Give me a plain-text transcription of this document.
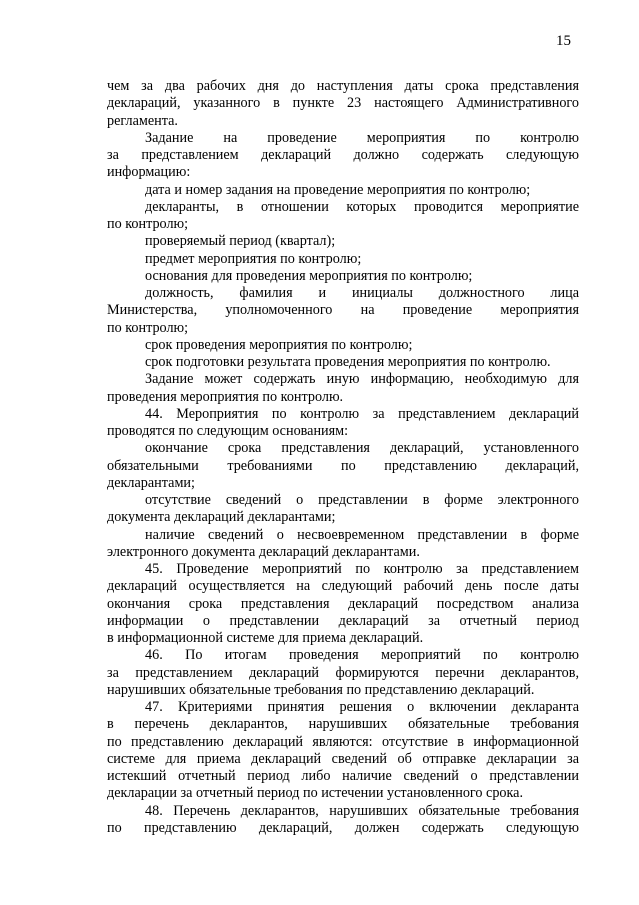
15
чем за два рабочих дня до наступления даты срока представления
деклараций, указанного в пункте 23 настоящего Административного
регламента.
Задание на проведение мероприятия по контролю
за представлением деклараций должно содержать следующую
информацию:
дата и номер задания на проведение мероприятия по контролю;
декларанты, в отношении которых проводится мероприятие
по контролю;
проверяемый период (квартал);
предмет мероприятия по контролю;
основания для проведения мероприятия по контролю;
должность, фамилия и инициалы должностного лица
Министерства, уполномоченного на проведение мероприятия
по контролю;
срок проведения мероприятия по контролю;
срок подготовки результата проведения мероприятия по контролю.
Задание может содержать иную информацию, необходимую для
проведения мероприятия по контролю.
44. Мероприятия по контролю за представлением деклараций
проводятся по следующим основаниям:
окончание срока представления деклараций, установленного
обязательными требованиями по представлению деклараций,
декларантами;
отсутствие сведений о представлении в форме электронного
документа деклараций декларантами;
наличие сведений о несвоевременном представлении в форме
электронного документа деклараций декларантами.
45. Проведение мероприятий по контролю за представлением
деклараций осуществляется на следующий рабочий день после даты
окончания срока представления деклараций посредством анализа
информации о представлении деклараций за отчетный период
в информационной системе для приема деклараций.
46. По итогам проведения мероприятий по контролю
за представлением деклараций формируются перечни декларантов,
нарушивших обязательные требования по представлению деклараций.
47. Критериями принятия решения о включении декларанта
в перечень декларантов, нарушивших обязательные требования
по представлению деклараций являются: отсутствие в информационной
системе для приема деклараций сведений об отправке декларации за
истекший отчетный период либо наличие сведений о представлении
декларации за отчетный период по истечении установленного срока.
48. Перечень декларантов, нарушивших обязательные требования
по представлению деклараций, должен содержать следующую
